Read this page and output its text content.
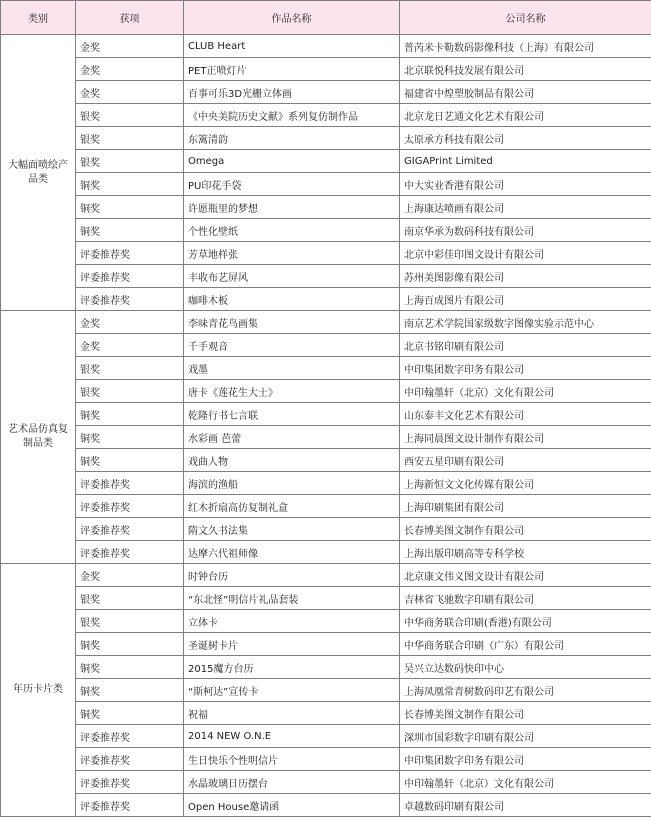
类别	获项	作品名称	公司名称
大幅面喷绘产品类	金奖	CLUB Heart	普芮米卡勒数码影像科技（上海）有限公司
	金奖	PET正喷灯片	北京联悦科技发展有限公司
	金奖	百事可乐3D光栅立体画	福建省中煌塑胶制品有限公司
	银奖	《中央美院历史文献》系列复仿制作品	北京龙日艺通文化艺术有限公司
	银奖	东篱清韵	太原承方科技有限公司
	银奖	Omega	GIGAPrint Limited
	铜奖	PU印花手袋	中大实业香港有限公司
	铜奖	许愿瓶里的梦想	上海康达喷画有限公司
	铜奖	个性化壁纸	南京华承为数码科技有限公司
	评委推荐奖	芳草地样张	北京中彩佳印图文设计有限公司
	评委推荐奖	丰收布艺屏风	苏州美图影像有限公司
	评委推荐奖	咖啡木板	上海百成图片有限公司
艺术品仿真复制品类	金奖	李味青花鸟画集	南京艺术学院国家级数字图像实验示范中心
	金奖	千手观音	北京书铭印刷有限公司
	银奖	戏墨	中印集团数字印务有限公司
	银奖	唐卡《莲花生大士》	中印翰墨轩（北京）文化有限公司
	铜奖	乾隆行书七言联	山东泰丰文化艺术有限公司
	铜奖	水彩画 芭蕾	上海同晨图文设计制作有限公司
	铜奖	戏曲人物	西安五星印刷有限公司
	评委推荐奖	海滨的渔船	上海新恒文文化传媒有限公司
	评委推荐奖	红木折扇高仿复制礼盒	上海印刷集团有限公司
	评委推荐奖	隋文久书法集	长春博美图文制作有限公司
	评委推荐奖	达摩六代祖师像	上海出版印刷高等专科学校
年历卡片类	金奖	时钟台历	北京康文伟义图文设计有限公司
	银奖	“东北怪”明信片礼品套装	吉林省飞驰数字印刷有限公司
	银奖	立体卡	中华商务联合印刷(香港)有限公司
	铜奖	圣诞树卡片	中华商务联合印刷（广东）有限公司
	铜奖	2015魔方台历	吴兴立达数码快印中心
	铜奖	“斯柯达”宣传卡	上海凤凰常青树数码印艺有限公司
	铜奖	祝福	长春博美图文制作有限公司
	评委推荐奖	2014 NEW O.N.E	深圳市国彩数字印刷有限公司
	评委推荐奖	生日快乐个性明信片	中印集团数字印务有限公司
	评委推荐奖	水晶玻璃日历摆台	中印翰墨轩（北京）文化有限公司
	评委推荐奖	Open House邀请函	卓越数码印刷有限公司
